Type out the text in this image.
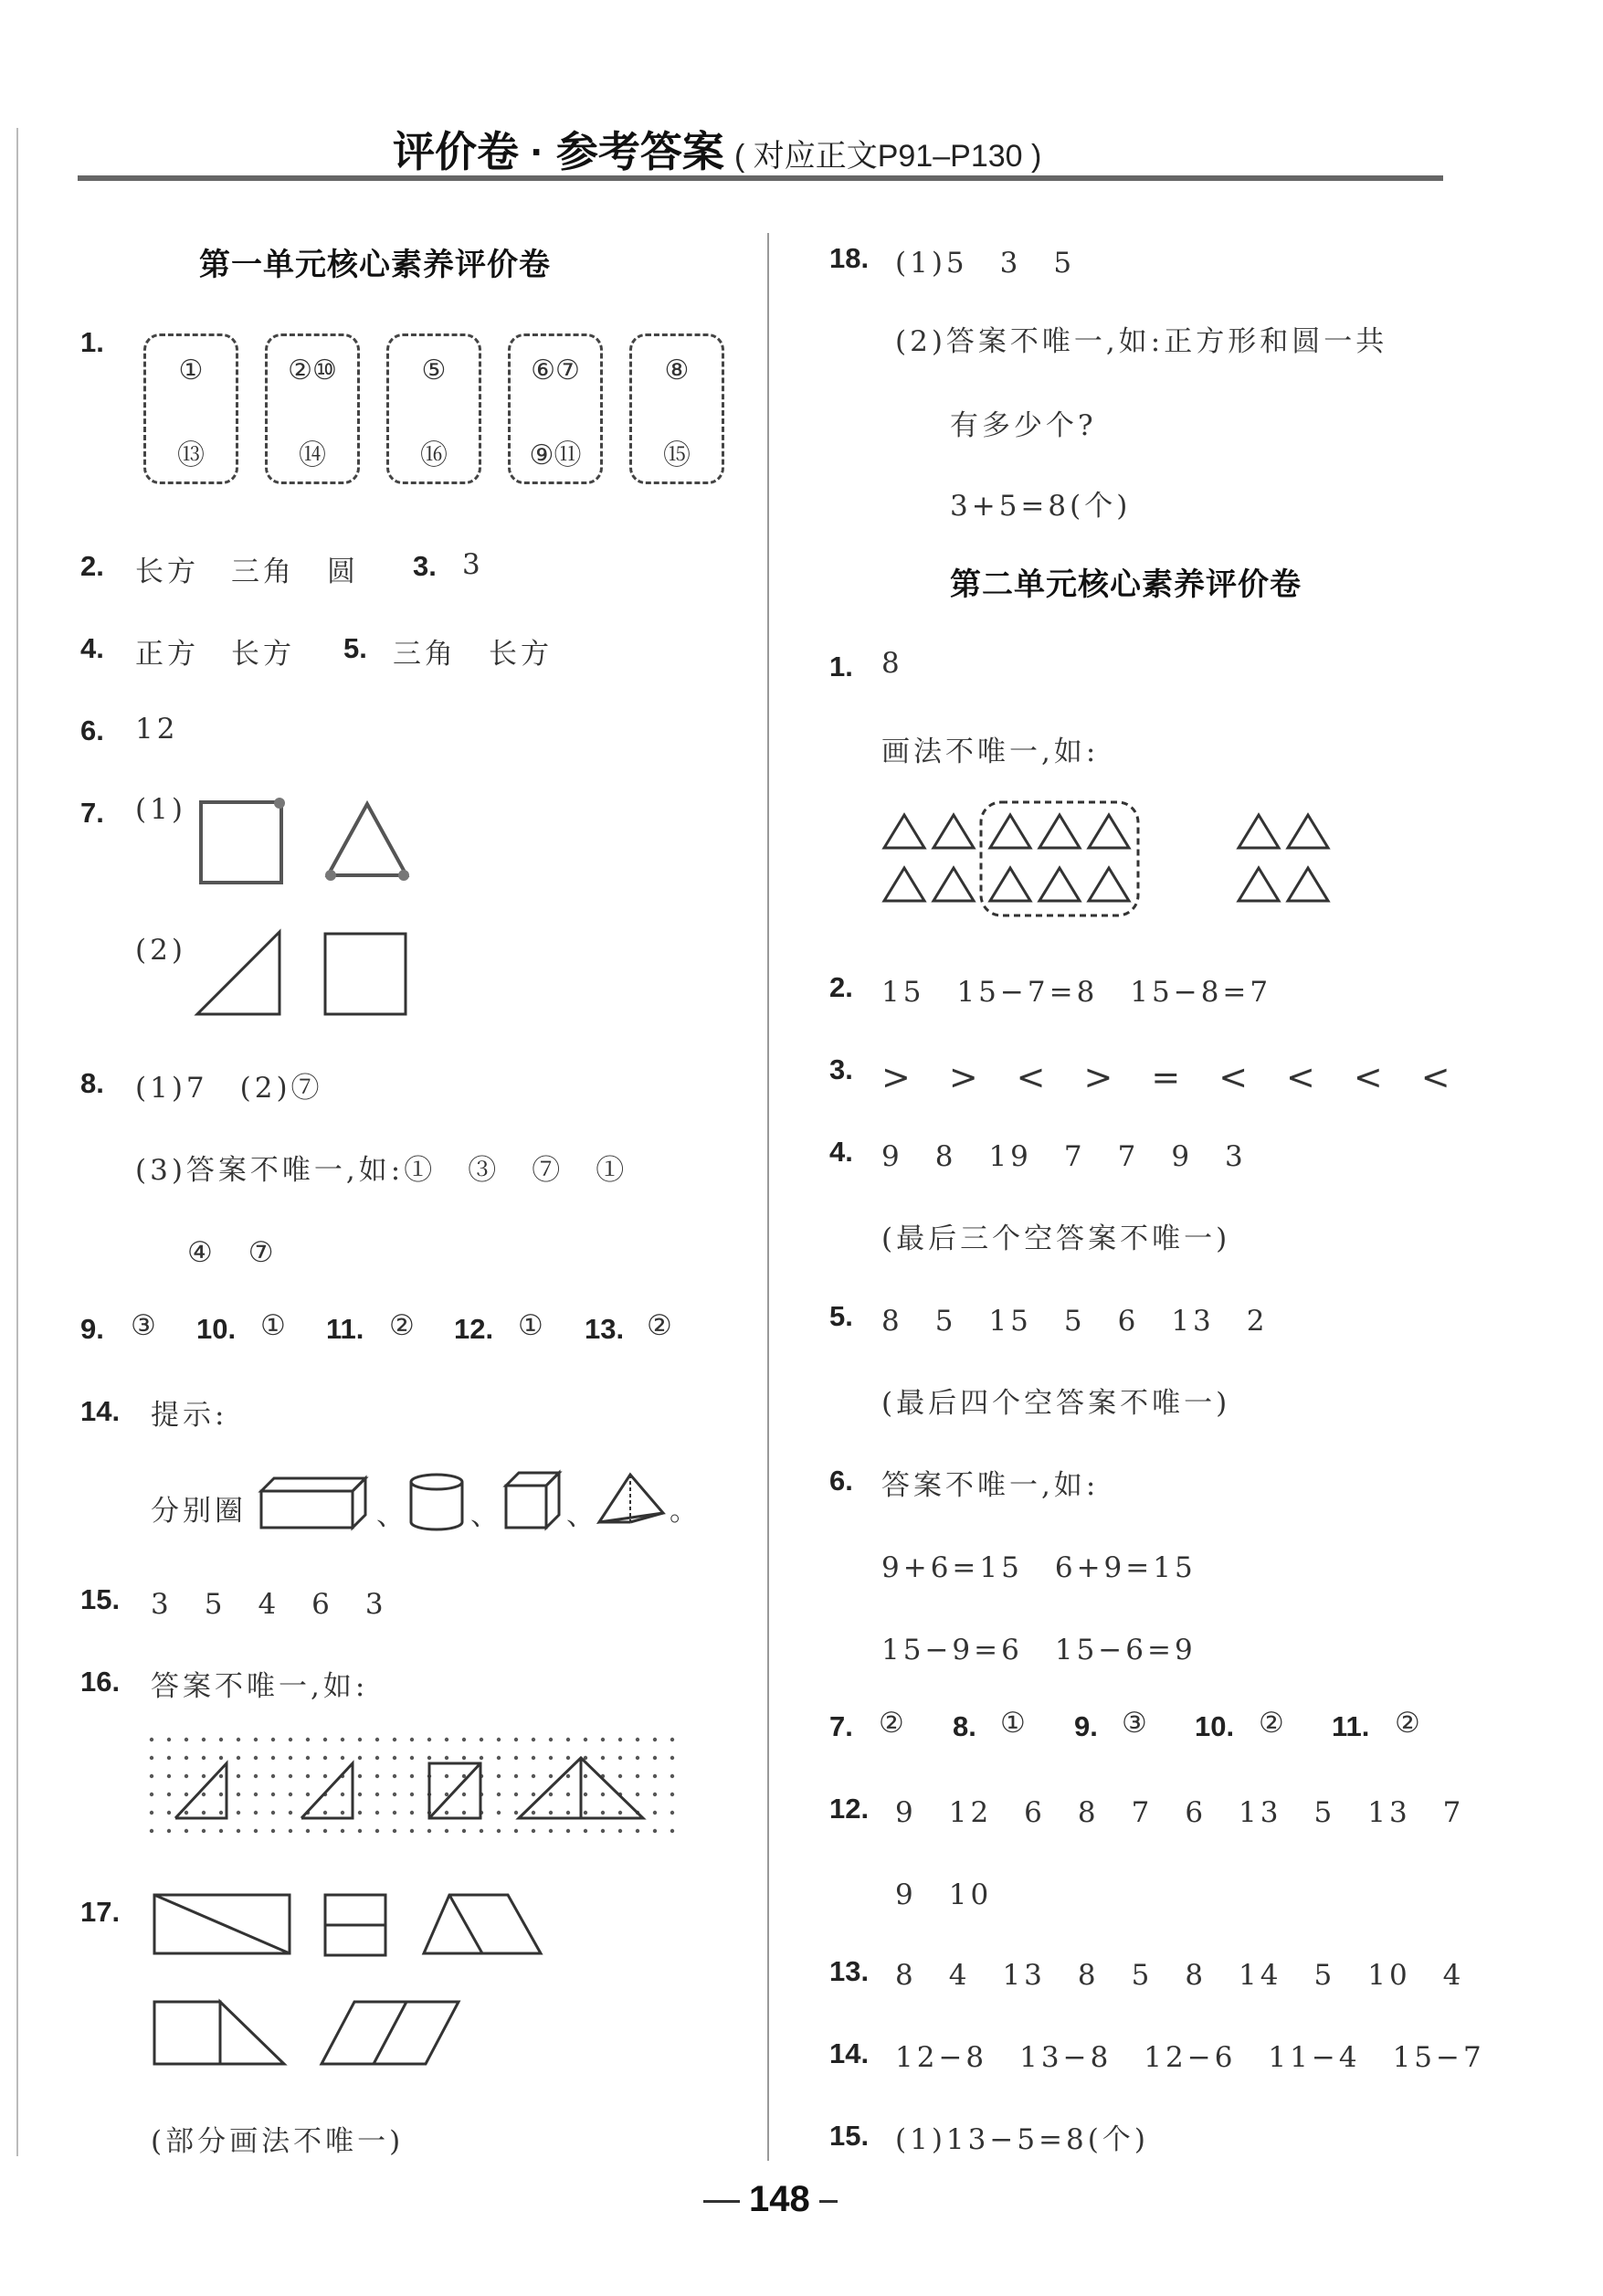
评价卷 · 参考答案 ( 对应正文P91–P130 )
第一单元核心素养评价卷
1.
①
⑬
②⑩
⑭
⑤
⑯
⑥⑦
⑨⑪
⑧
⑮
2. 长方　三角　圆 3. 3
4. 正方　长方 5. 三角　长方
6. 12
7. (1)
(2)
8. (1)7　(2)⑦
(3)答案不唯一,如:①　③　⑦　①
④　⑦
9. ③ 10. ① 11. ② 12. ① 13. ②
14. 提示:
分别圈	、 、 、	。
15. 3　5　4　6　3
16. 答案不唯一,如:
17.
(部分画法不唯一)
18. (1)5　3　5
(2)答案不唯一,如:正方形和圆一共
有多少个?
3+5=8(个)
第二单元核心素养评价卷
1. 8
画法不唯一,如:
2. 15　15−7=8　15−8=7
3. >　>　<　>　=　<　<　<　<
4. 9　8　19　7　7　9　3
(最后三个空答案不唯一)
5. 8　5　15　5　6　13　2
(最后四个空答案不唯一)
6. 答案不唯一,如:
9+6=15　6+9=15
15−9=6　15−6=9
7. ② 8. ① 9. ③ 10. ② 11. ②
12. 9　12　6　8　7　6　13　5　13　7
9　10
13. 8　4　13　8　5　8　14　5　10　4
14. 12−8　13−8　12−6　11−4　15−7
15. (1)13−5=8(个)
148
